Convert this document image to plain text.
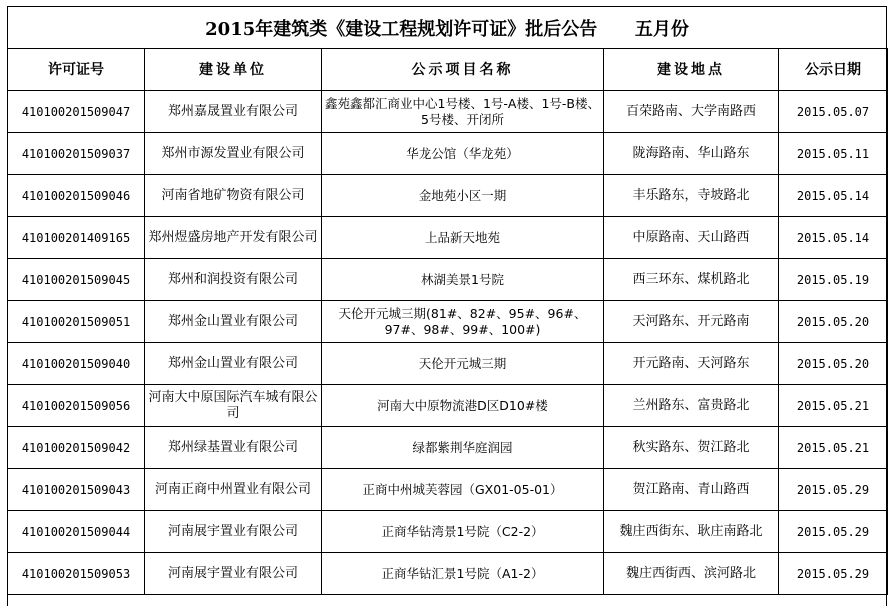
2015年建筑类《建设工程规划许可证》批后公告      五月份
许可证号	建设单位	公示项目名称	建设地点	公示日期
410100201509047	郑州嘉晟置业有限公司	鑫苑鑫都汇商业中心1号楼、1号-A楼、1号-B楼、5号楼、开闭所	百荣路南、大学南路西	2015.05.07
410100201509037	郑州市源发置业有限公司	华龙公馆（华龙苑）	陇海路南、华山路东	2015.05.11
410100201509046	河南省地矿物资有限公司	金地苑小区一期	丰乐路东，寺坡路北	2015.05.14
410100201409165	郑州煜盛房地产开发有限公司	上品新天地苑	中原路南、天山路西	2015.05.14
410100201509045	郑州和润投资有限公司	林湖美景1号院	西三环东、煤机路北	2015.05.19
410100201509051	郑州金山置业有限公司	天伦开元城三期(81#、82#、95#、96#、97#、98#、99#、100#)	天河路东、开元路南	2015.05.20
410100201509040	郑州金山置业有限公司	天伦开元城三期	开元路南、天河路东	2015.05.20
410100201509056	河南大中原国际汽车城有限公司	河南大中原物流港D区D10#楼	兰州路东、富贵路北	2015.05.21
410100201509042	郑州绿基置业有限公司	绿都紫荆华庭润园	秋实路东、贺江路北	2015.05.21
410100201509043	河南正商中州置业有限公司	正商中州城芙蓉园（GX01-05-01）	贺江路南、青山路西	2015.05.29
410100201509044	河南展宇置业有限公司	正商华钻湾景1号院（C2-2）	魏庄西街东、耿庄南路北	2015.05.29
410100201509053	河南展宇置业有限公司	正商华钻汇景1号院（A1-2）	魏庄西街西、滨河路北	2015.05.29
